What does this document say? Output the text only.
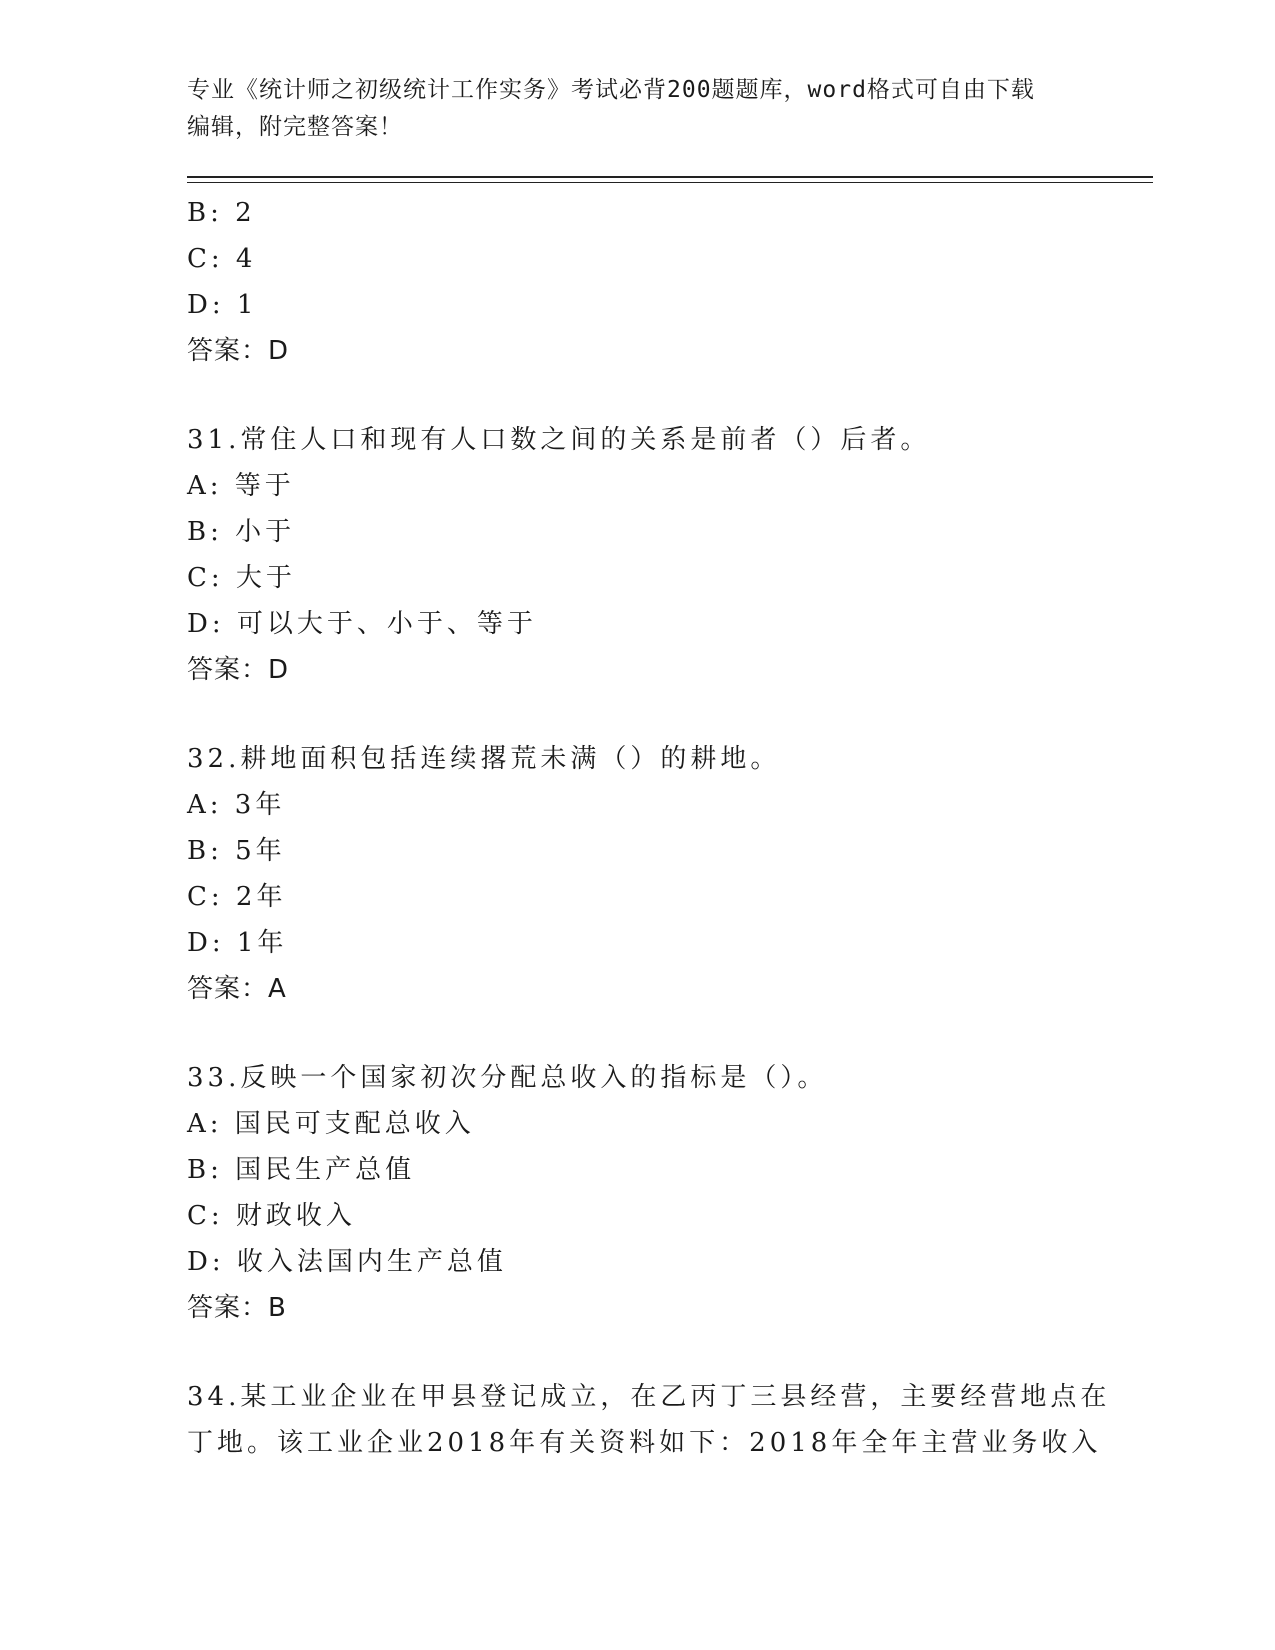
专业《统计师之初级统计工作实务》考试必背200题题库，word格式可自由下载
编辑，附完整答案！
B: 2
C: 4
D: 1
答案：D
31.常住人口和现有人口数之间的关系是前者（）后者。
A: 等于
B: 小于
C: 大于
D: 可以大于、小于、等于
答案：D
32.耕地面积包括连续撂荒未满（）的耕地。
A: 3年
B: 5年
C: 2年
D: 1年
答案：A
33.反映一个国家初次分配总收入的指标是（）。
A: 国民可支配总收入
B: 国民生产总值
C: 财政收入
D: 收入法国内生产总值
答案：B
34.某工业企业在甲县登记成立，在乙丙丁三县经营，主要经营地点在
丁地。该工业企业2018年有关资料如下：2018年全年主营业务收入
